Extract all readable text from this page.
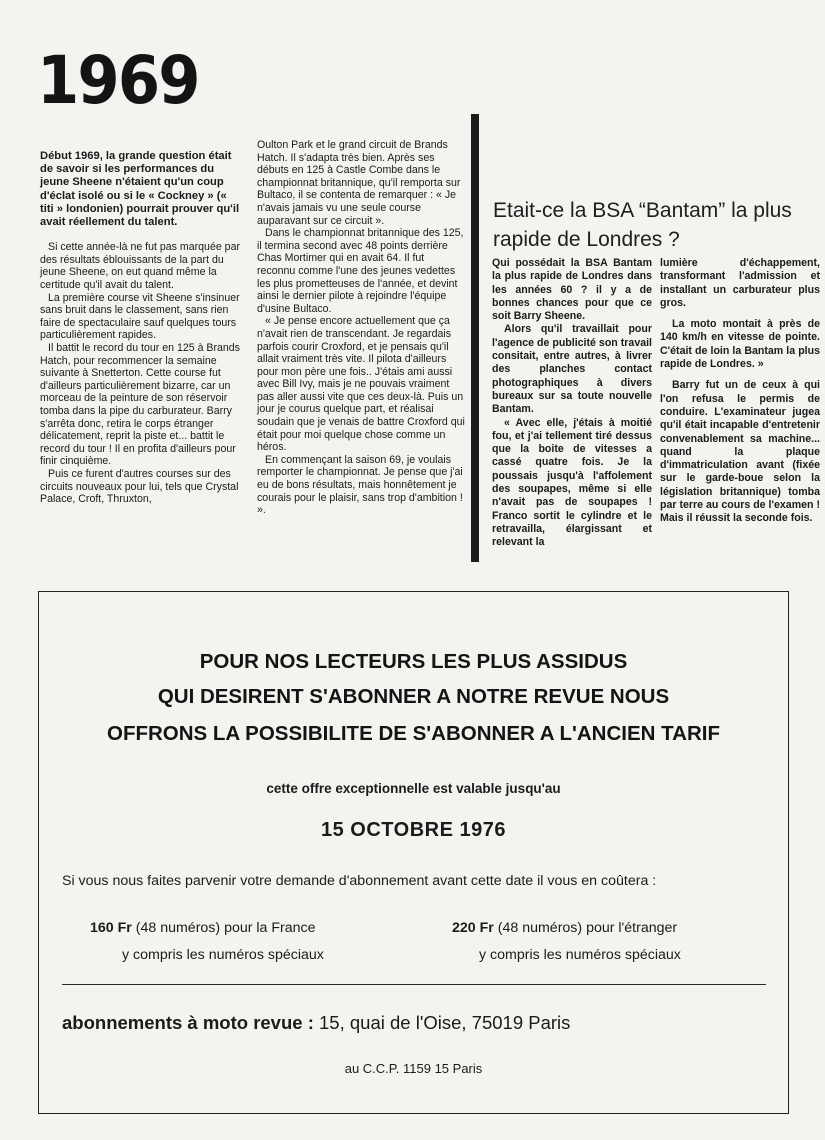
1969

Début 1969, la grande question était de savoir si les performances du jeune Sheene n'étaient qu'un coup d'éclat isolé ou si le « Cockney » (« titi » londonien) pourrait prouver qu'il avait réellement du talent.

Si cette année-là ne fut pas marquée par des résultats éblouissants de la part du jeune Sheene, on eut quand même la certitude qu'il avait du talent.

La première course vit Sheene s'insinuer sans bruit dans le classement, sans rien faire de spectaculaire sauf quelques tours particulièrement rapides.

Il battit le record du tour en 125 à Brands Hatch, pour recommencer la semaine suivante à Snetterton. Cette course fut d'ailleurs particulièrement bizarre, car un morceau de la peinture de son réservoir tomba dans la pipe du carburateur. Barry s'arrêta donc, retira le corps étranger délicatement, reprit la piste et... battit le record du tour ! Il en profita d'ailleurs pour finir cinquième.

Puis ce furent d'autres courses sur des circuits nouveaux pour lui, tels que Crystal Palace, Croft, Thruxton,

Oulton Park et le grand circuit de Brands Hatch. Il s'adapta très bien. Après ses débuts en 125 à Castle Combe dans le championnat britannique, qu'il remporta sur Bultaco, il se contenta de remarquer : « Je n'avais jamais vu une seule course auparavant sur ce circuit ».

Dans le championnat britannique des 125, il termina second avec 48 points derrière Chas Mortimer qui en avait 64. Il fut reconnu comme l'une des jeunes vedettes les plus prometteuses de l'année, et devint ainsi le dernier pilote à rejoindre l'équipe d'usine Bultaco.

« Je pense encore actuellement que ça n'avait rien de transcendant. Je regardais parfois courir Croxford, et je pensais qu'il allait vraiment très vite. Il pilota d'ailleurs pour mon père une fois.. J'étais ami aussi avec Bill Ivy, mais je ne pouvais vraiment pas aller aussi vite que ces deux-là. Puis un jour je courus quelque part, et réalisai soudain que je venais de battre Croxford qui était pour moi quelque chose comme un héros.

En commençant la saison 69, je voulais remporter le championnat. Je pense que j'ai eu de bons résultats, mais honnêtement je courais pour le plaisir, sans trop d'ambition ! ».

Etait-ce la BSA “Bantam” la plus rapide de Londres ?

Qui possédait la BSA Bantam la plus rapide de Londres dans les années 60 ? il y a de bonnes chances pour que ce soit Barry Sheene.

Alors qu'il travaillait pour l'agence de publicité son travail consitait, entre autres, à livrer des planches contact photographiques à divers bureaux sur sa toute nouvelle Bantam.

« Avec elle, j'étais à moitié fou, et j'ai tellement tiré dessus que la boite de vitesses a cassé quatre fois. Je la poussais jusqu'à l'affolement des soupapes, même si elle n'avait pas de soupapes ! Franco sortit le cylindre et le retravailla, élargissant et relevant la

lumière d'échappement, transformant l'admission et installant un carburateur plus gros.

La moto montait à près de 140 km/h en vitesse de pointe. C'était de loin la Bantam la plus rapide de Londres. »

Barry fut un de ceux à qui l'on refusa le permis de conduire. L'examinateur jugea qu'il était incapable d'entretenir convenablement sa machine... quand la plaque d'immatriculation avant (fixée sur le garde-boue selon la législation britannique) tomba par terre au cours de l'examen ! Mais il réussit la seconde fois.

POUR NOS LECTEURS LES PLUS ASSIDUS

QUI DESIRENT S'ABONNER A NOTRE REVUE NOUS

OFFRONS LA POSSIBILITE DE S'ABONNER A L'ANCIEN TARIF

cette offre exceptionnelle est valable jusqu'au
15 OCTOBRE 1976

Si vous nous faites parvenir votre demande d'abonnement avant cette date il vous en coûtera :

160 Fr (48 numéros) pour la France	220 Fr (48 numéros) pour l'étranger
y compris les numéros spéciaux	y compris les numéros spéciaux
abonnements à moto revue : 15, quai de l'Oise, 75019 Paris
au C.C.P. 1159 15 Paris
